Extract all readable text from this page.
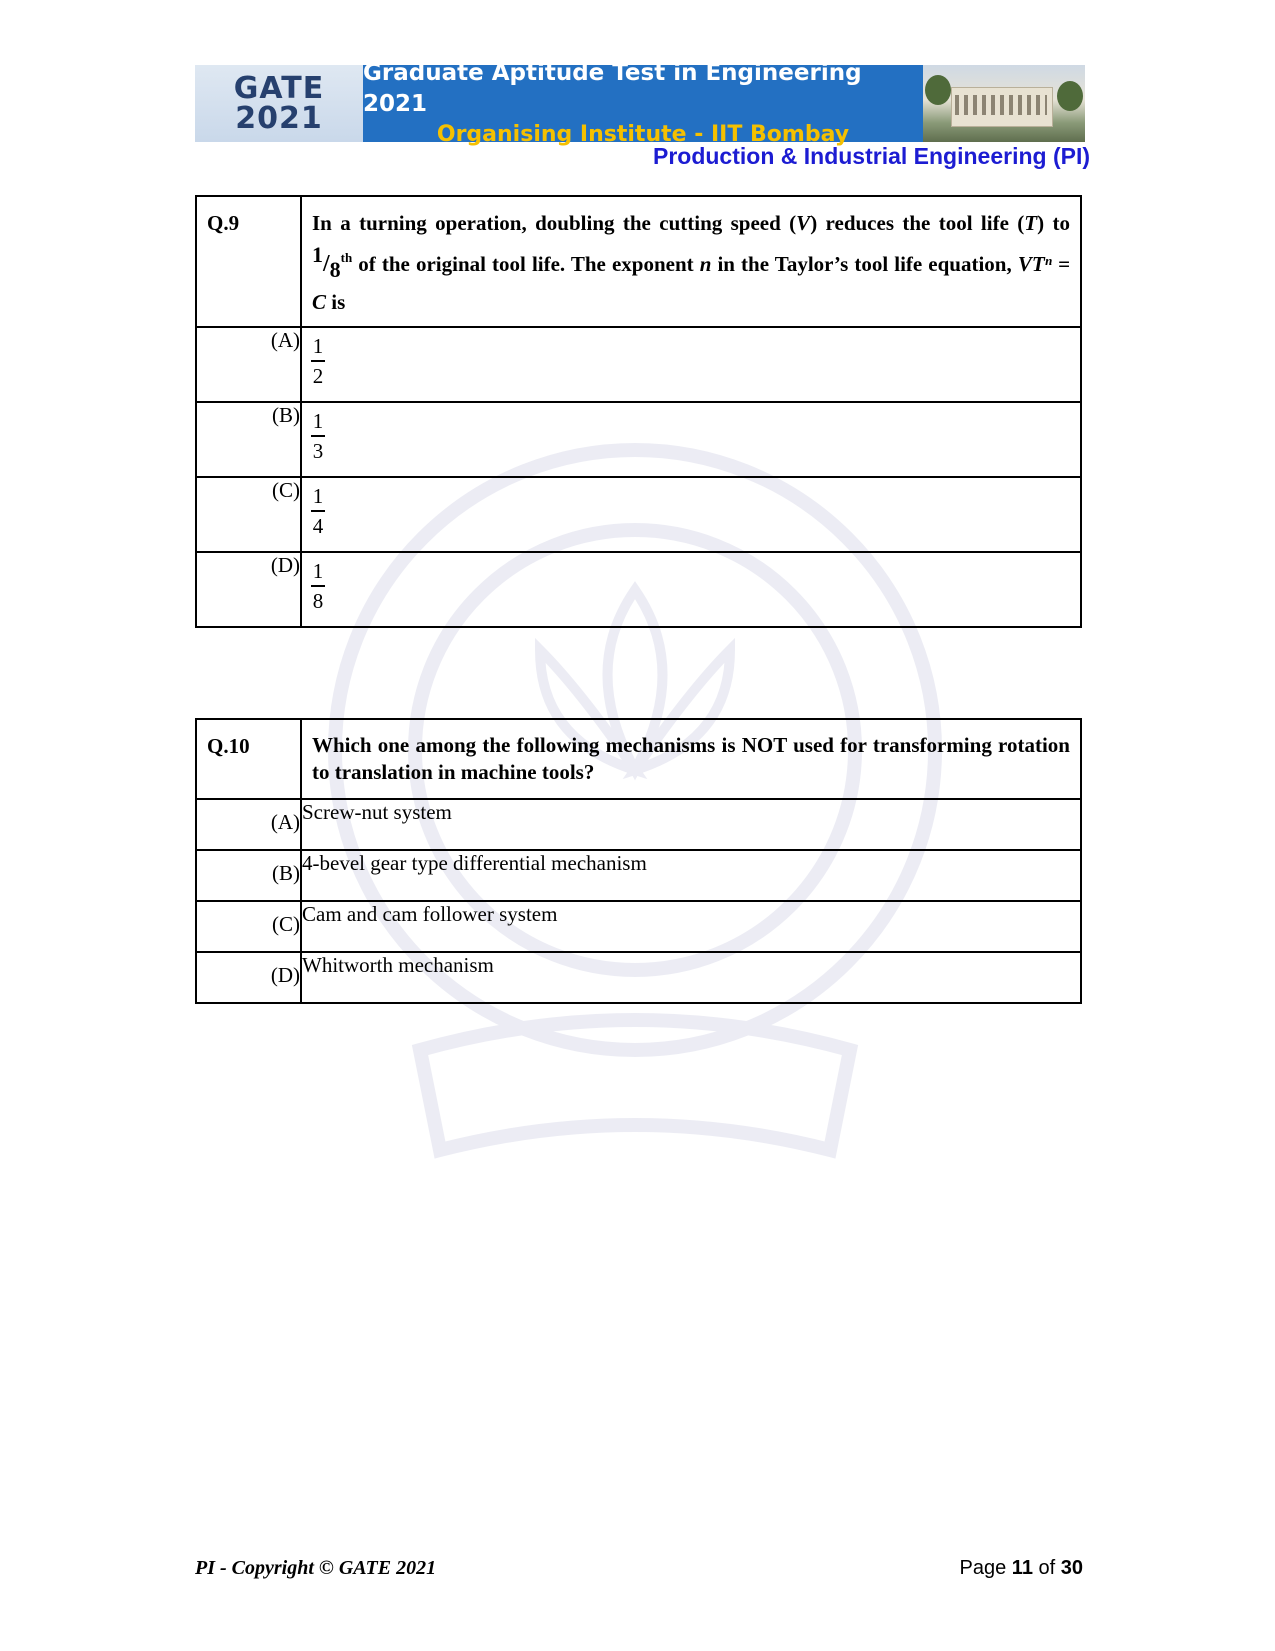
GATE
2021
Graduate Aptitude Test in Engineering 2021
Organising Institute - IIT Bombay
Production & Industrial Engineering (PI)
Q.9	In a turning operation, doubling the cutting speed (V) reduces the tool life (T) to $^1/_8^{th}$ of the original tool life. The exponent n in the Taylor’s tool life equation, VTⁿ = C is

(A)	$\frac{1}{2}$

(B)	$\frac{1}{3}$

(C)	$\frac{1}{4}$

(D)	$\frac{1}{8}$
Q.10	Which one among the following mechanisms is NOT used for transforming rotation to translation in machine tools?

(A)	Screw-nut system
(B)	4-bevel gear type differential mechanism
(C)	Cam and cam follower system
(D)	Whitworth mechanism
PI - Copyright © GATE 2021	Page 11 of 30
